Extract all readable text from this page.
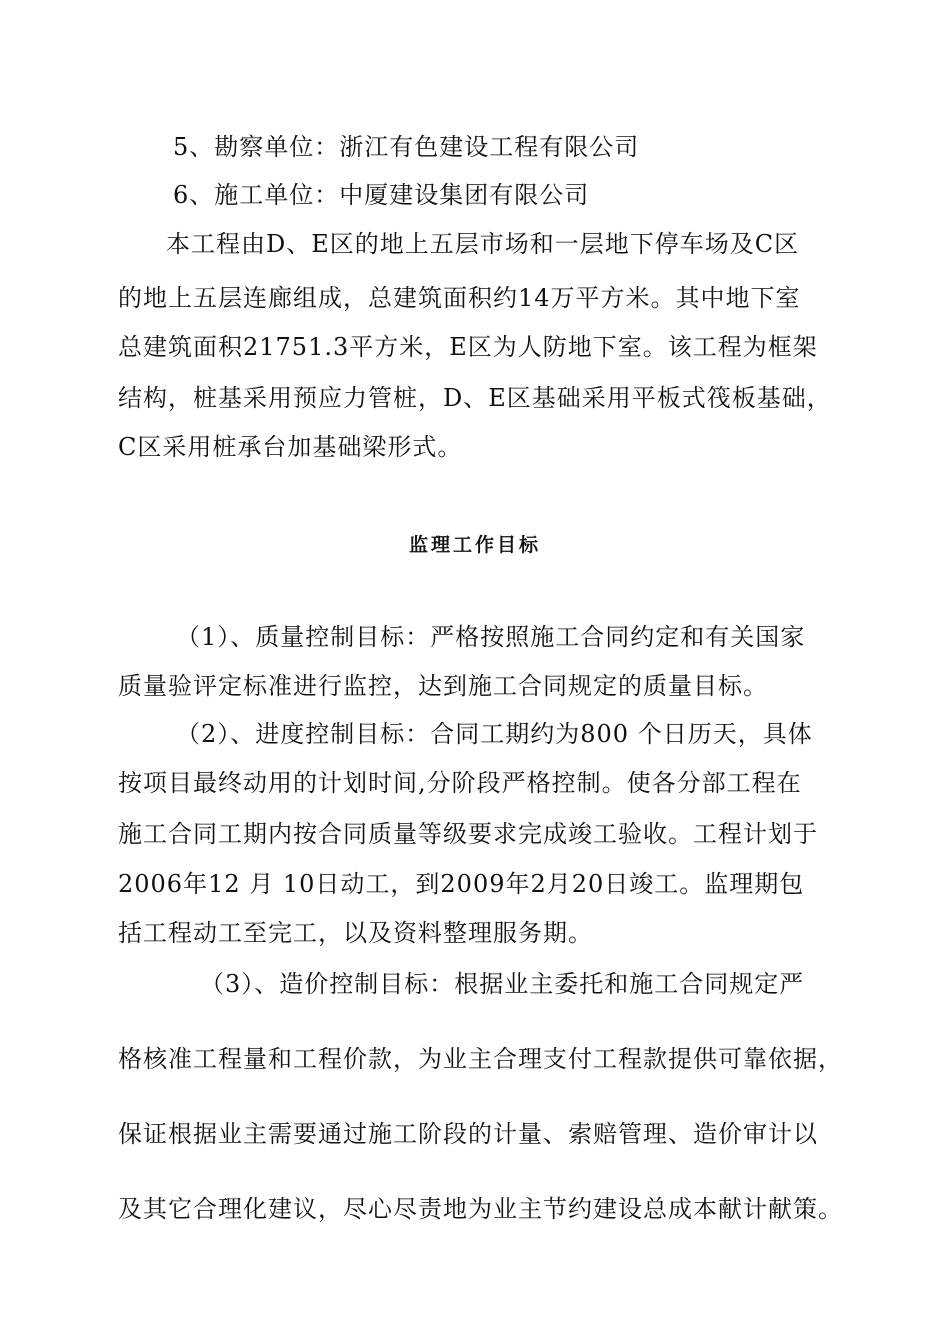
5、勘察单位：浙江有色建设工程有限公司

6、施工单位：中厦建设集团有限公司

本工程由D、E区的地上五层市场和一层地下停车场及C区

的地上五层连廊组成，总建筑面积约14万平方米。其中地下室

总建筑面积21751.3平方米，E区为人防地下室。该工程为框架

结构，桩基采用预应力管桩，D、E区基础采用平板式筏板基础，

C区采用桩承台加基础梁形式。

监理工作目标

（1）、质量控制目标：严格按照施工合同约定和有关国家

质量验评定标准进行监控，达到施工合同规定的质量目标。

（2）、进度控制目标：合同工期约为800 个日历天，具体

按项目最终动用的计划时间,分阶段严格控制。使各分部工程在

施工合同工期内按合同质量等级要求完成竣工验收。工程计划于

2006年12 月 10日动工，到2009年2月20日竣工。监理期包

括工程动工至完工，以及资料整理服务期。

（3）、造价控制目标：根据业主委托和施工合同规定严

格核准工程量和工程价款，为业主合理支付工程款提供可靠依据，

保证根据业主需要通过施工阶段的计量、索赔管理、造价审计以

及其它合理化建议，尽心尽责地为业主节约建设总成本献计献策。
